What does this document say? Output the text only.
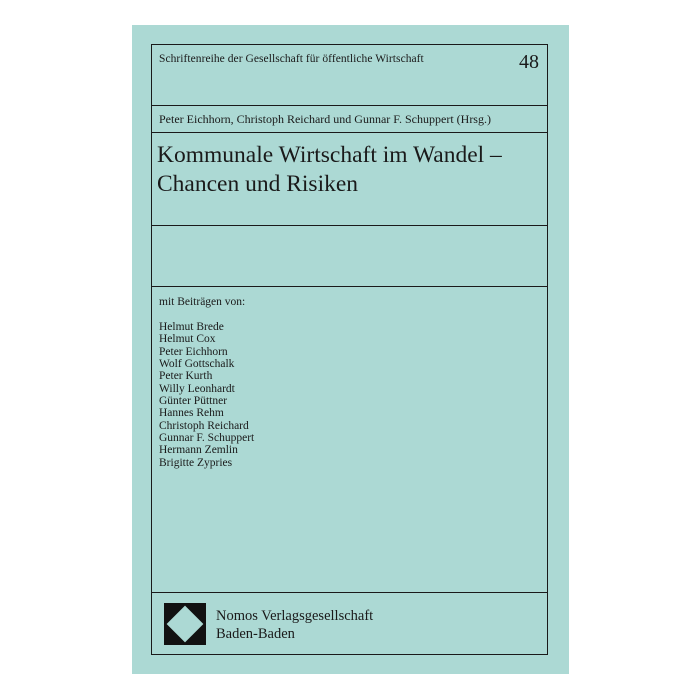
Schriftenreihe der Gesellschaft für öffentliche Wirtschaft	48
Peter Eichhorn, Christoph Reichard und Gunnar F. Schuppert (Hrsg.)
Kommunale Wirtschaft im Wandel –
Chancen und Risiken
mit Beiträgen von:
Helmut Brede
Helmut Cox
Peter Eichhorn
Wolf Gottschalk
Peter Kurth
Willy Leonhardt
Günter Püttner
Hannes Rehm
Christoph Reichard
Gunnar F. Schuppert
Hermann Zemlin
Brigitte Zypries
Nomos Verlagsgesellschaft
Baden-Baden
